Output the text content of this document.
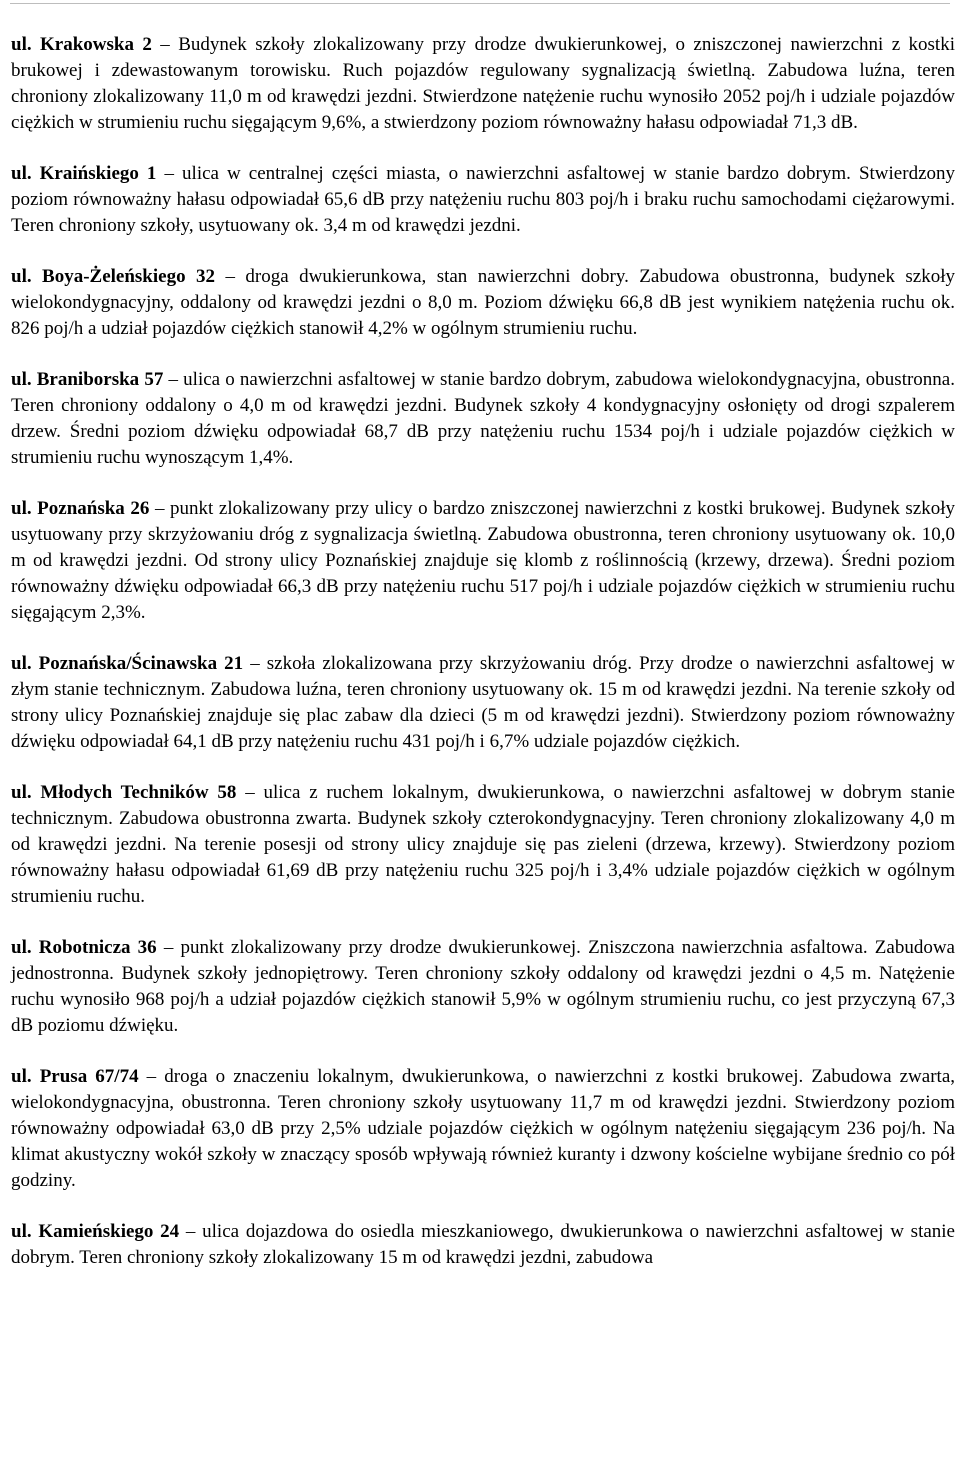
ul. Krakowska 2 – Budynek szkoły zlokalizowany przy drodze dwukierunkowej, o zniszczonej nawierzchni z kostki brukowej i zdewastowanym torowisku. Ruch pojazdów regulowany sygnalizacją świetlną. Zabudowa luźna, teren chroniony zlokalizowany 11,0 m od krawędzi jezdni. Stwierdzone natężenie ruchu wynosiło 2052 poj/h i udziale pojazdów ciężkich w strumieniu ruchu sięgającym 9,6%, a stwierdzony poziom równoważny hałasu odpowiadał 71,3 dB.

ul. Kraińskiego 1 – ulica w centralnej części miasta, o nawierzchni asfaltowej w stanie bardzo dobrym. Stwierdzony poziom równoważny hałasu odpowiadał 65,6 dB przy natężeniu ruchu 803 poj/h i braku ruchu samochodami ciężarowymi. Teren chroniony szkoły, usytuowany ok. 3,4 m od krawędzi jezdni.

ul. Boya-Żeleńskiego 32 – droga dwukierunkowa, stan nawierzchni dobry. Zabudowa obustronna, budynek szkoły wielokondygnacyjny, oddalony od krawędzi jezdni o 8,0 m. Poziom dźwięku 66,8 dB jest wynikiem natężenia ruchu ok. 826 poj/h a udział pojazdów ciężkich stanowił 4,2% w ogólnym strumieniu ruchu.

ul. Braniborska 57 – ulica o nawierzchni asfaltowej w stanie bardzo dobrym, zabudowa wielokondygnacyjna, obustronna. Teren chroniony oddalony o 4,0 m od krawędzi jezdni. Budynek szkoły 4 kondygnacyjny osłonięty od drogi szpalerem drzew. Średni poziom dźwięku odpowiadał 68,7 dB przy natężeniu ruchu 1534 poj/h i udziale pojazdów ciężkich w strumieniu ruchu wynoszącym 1,4%.

ul. Poznańska 26 – punkt zlokalizowany przy ulicy o bardzo zniszczonej nawierzchni z kostki brukowej. Budynek szkoły usytuowany przy skrzyżowaniu dróg z sygnalizacja świetlną. Zabudowa obustronna, teren chroniony usytuowany ok. 10,0 m od krawędzi jezdni. Od strony ulicy Poznańskiej znajduje się klomb z roślinnością (krzewy, drzewa). Średni poziom równoważny dźwięku odpowiadał 66,3 dB przy natężeniu ruchu 517 poj/h i udziale pojazdów ciężkich w strumieniu ruchu sięgającym 2,3%.

ul. Poznańska/Ścinawska 21 – szkoła zlokalizowana przy skrzyżowaniu dróg. Przy drodze o nawierzchni asfaltowej w złym stanie technicznym. Zabudowa luźna, teren chroniony usytuowany ok. 15 m od krawędzi jezdni. Na terenie szkoły od strony ulicy Poznańskiej znajduje się plac zabaw dla dzieci (5 m od krawędzi jezdni). Stwierdzony poziom równoważny dźwięku odpowiadał 64,1 dB przy natężeniu ruchu 431 poj/h i 6,7% udziale pojazdów ciężkich.

ul. Młodych Techników 58 – ulica z ruchem lokalnym, dwukierunkowa, o nawierzchni asfaltowej w dobrym stanie technicznym. Zabudowa obustronna zwarta. Budynek szkoły czterokondygnacyjny. Teren chroniony zlokalizowany 4,0 m od krawędzi jezdni. Na terenie posesji od strony ulicy znajduje się pas zieleni (drzewa, krzewy). Stwierdzony poziom równoważny hałasu odpowiadał 61,69 dB przy natężeniu ruchu 325 poj/h i 3,4% udziale pojazdów ciężkich w ogólnym strumieniu ruchu.

ul. Robotnicza 36 – punkt zlokalizowany przy drodze dwukierunkowej. Zniszczona nawierzchnia asfaltowa. Zabudowa jednostronna. Budynek szkoły jednopiętrowy. Teren chroniony szkoły oddalony od krawędzi jezdni o 4,5 m. Natężenie ruchu wynosiło 968 poj/h a udział pojazdów ciężkich stanowił 5,9% w ogólnym strumieniu ruchu, co jest przyczyną 67,3 dB poziomu dźwięku.

ul. Prusa 67/74 – droga o znaczeniu lokalnym, dwukierunkowa, o nawierzchni z kostki brukowej. Zabudowa zwarta, wielokondygnacyjna, obustronna. Teren chroniony szkoły usytuowany 11,7 m od krawędzi jezdni. Stwierdzony poziom równoważny odpowiadał 63,0 dB przy 2,5% udziale pojazdów ciężkich w ogólnym natężeniu sięgającym 236 poj/h. Na klimat akustyczny wokół szkoły w znaczący sposób wpływają również kuranty i dzwony kościelne wybijane średnio co pół godziny.

ul. Kamieńskiego 24 – ulica dojazdowa do osiedla mieszkaniowego, dwukierunkowa o nawierzchni asfaltowej w stanie dobrym. Teren chroniony szkoły zlokalizowany 15 m od krawędzi jezdni, zabudowa
